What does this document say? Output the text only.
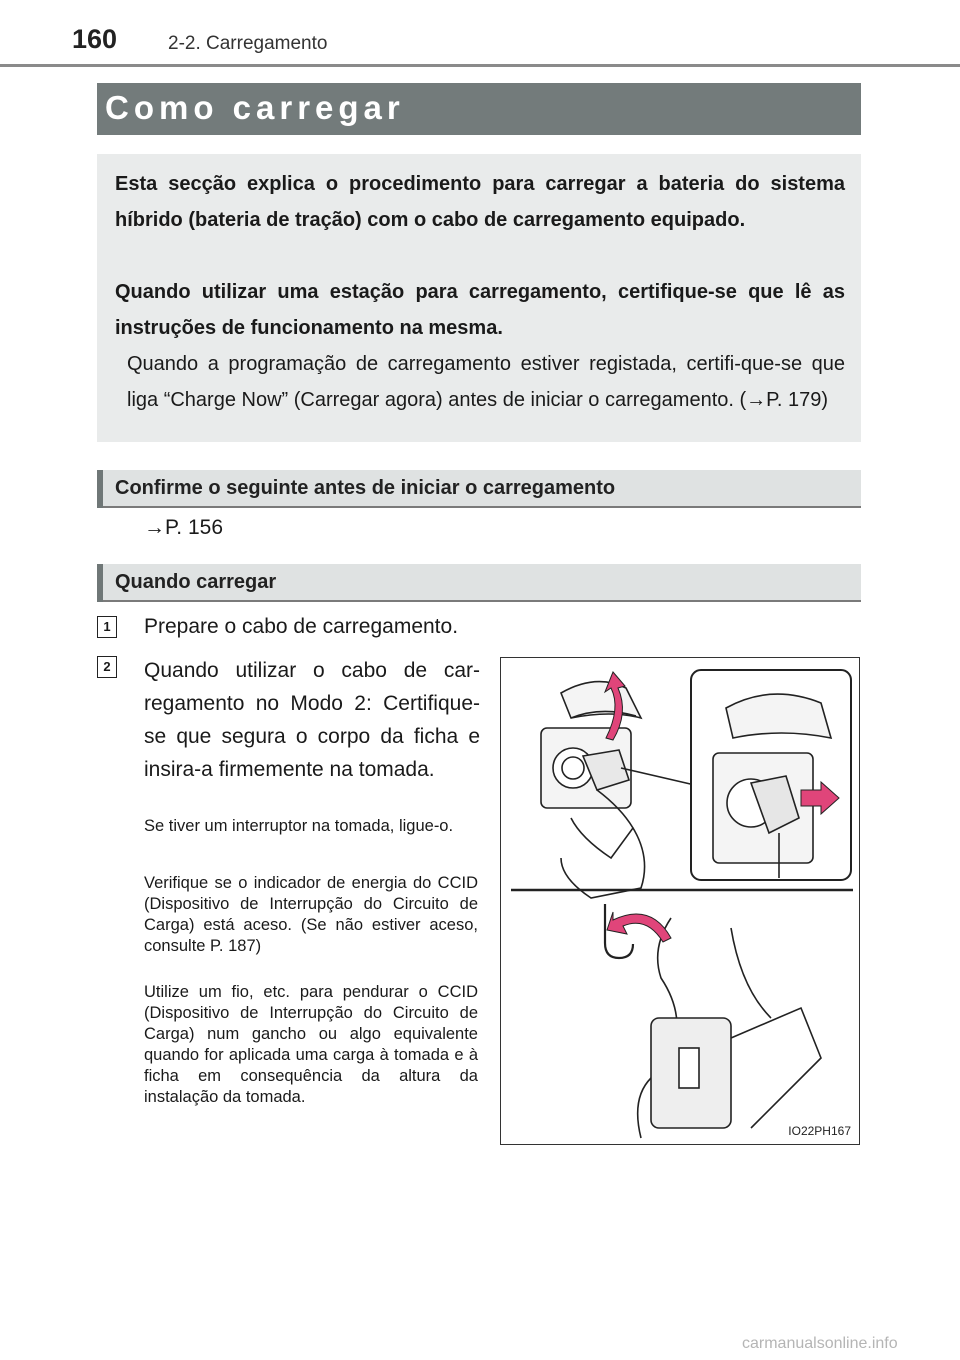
160	2-2. Carregamento
Como carregar

Esta secção explica o procedimento para carregar a bateria do sistema híbrido (bateria de tração) com o cabo de carregamento equipado.

Quando utilizar uma estação para carregamento, certifique-se que lê as instruções de funcionamento na mesma.

Quando a programação de carregamento estiver registada, certifi-que-se que liga “Charge Now” (Carregar agora) antes de iniciar o carregamento. (→P. 179)

Confirme o seguinte antes de iniciar o carregamento
→P. 156
Quando carregar
1	Prepare o cabo de carregamento.
2	Quando utilizar o cabo de car-regamento no Modo 2: Certifique-se que segura o corpo da ficha e insira-a firmemente na tomada.

Se tiver um interruptor na tomada, ligue-o.

Verifique se o indicador de energia do CCID (Dispositivo de Interrupção do Circuito de Carga) está aceso. (Se não estiver aceso, consulte P. 187)

Utilize um fio, etc. para pendurar o CCID (Dispositivo de Interrupção do Circuito de Carga) num gancho ou algo equivalente quando for aplicada uma carga à tomada e à ficha em consequência da altura da instalação da tomada.

IO22PH167
carmanualsonline.info
